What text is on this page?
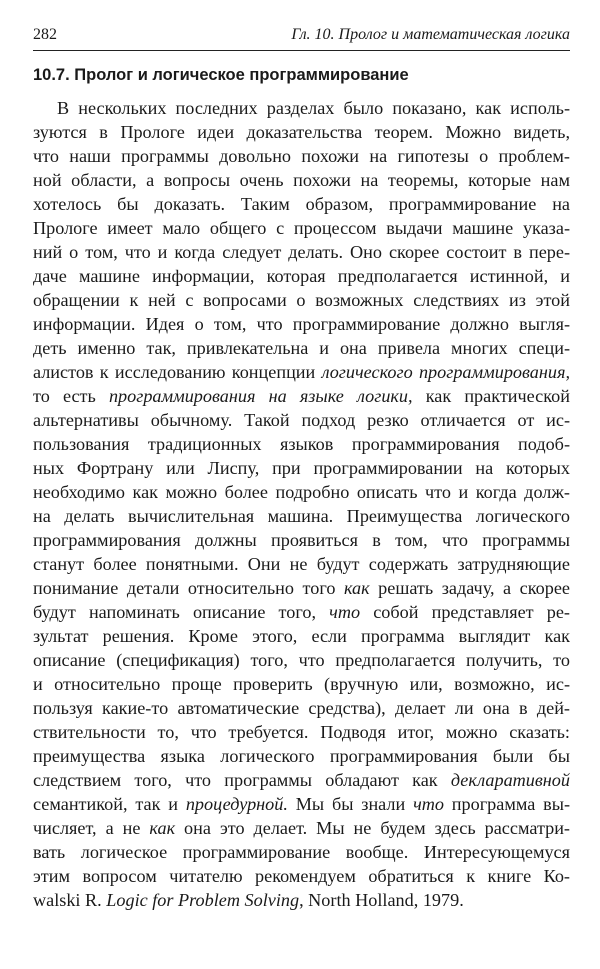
282	Гл. 10. Пролог и математическая логика
10.7. Пролог и логическое программирование
В нескольких последних разделах было показано, как исполь-
зуются в Прологе идеи доказательства теорем. Можно видеть,
что наши программы довольно похожи на гипотезы о проблем-
ной области, а вопросы очень похожи на теоремы, которые нам
хотелось бы доказать. Таким образом, программирование на
Прологе имеет мало общего с процессом выдачи машине указа-
ний о том, что и когда следует делать. Оно скорее состоит в пере-
даче машине информации, которая предполагается истинной, и
обращении к ней с вопросами о возможных следствиях из этой
информации. Идея о том, что программирование должно выгля-
деть именно так, привлекательна и она привела многих специ-
алистов к исследованию концепции логического программирования,
то есть программирования на языке логики, как практической
альтернативы обычному. Такой подход резко отличается от ис-
пользования традиционных языков программирования подоб-
ных Фортрану или Лиспу, при программировании на которых
необходимо как можно более подробно описать что и когда долж-
на делать вычислительная машина. Преимущества логического
программирования должны проявиться в том, что программы
станут более понятными. Они не будут содержать затрудняющие
понимание детали относительно того как решать задачу, а скорее
будут напоминать описание того, что собой представляет ре-
зультат решения. Кроме этого, если программа выглядит как
описание (спецификация) того, что предполагается получить, то
и относительно проще проверить (вручную или, возможно, ис-
пользуя какие-то автоматические средства), делает ли она в дей-
ствительности то, что требуется. Подводя итог, можно сказать:
преимущества языка логического программирования были бы
следствием того, что программы обладают как декларативной
семантикой, так и процедурной. Мы бы знали что программа вы-
числяет, а не как она это делает. Мы не будем здесь рассматри-
вать логическое программирование вообще. Интересующемуся
этим вопросом читателю рекомендуем обратиться к книге Ко-
walski R. Logic for Problem Solving, North Holland, 1979.
